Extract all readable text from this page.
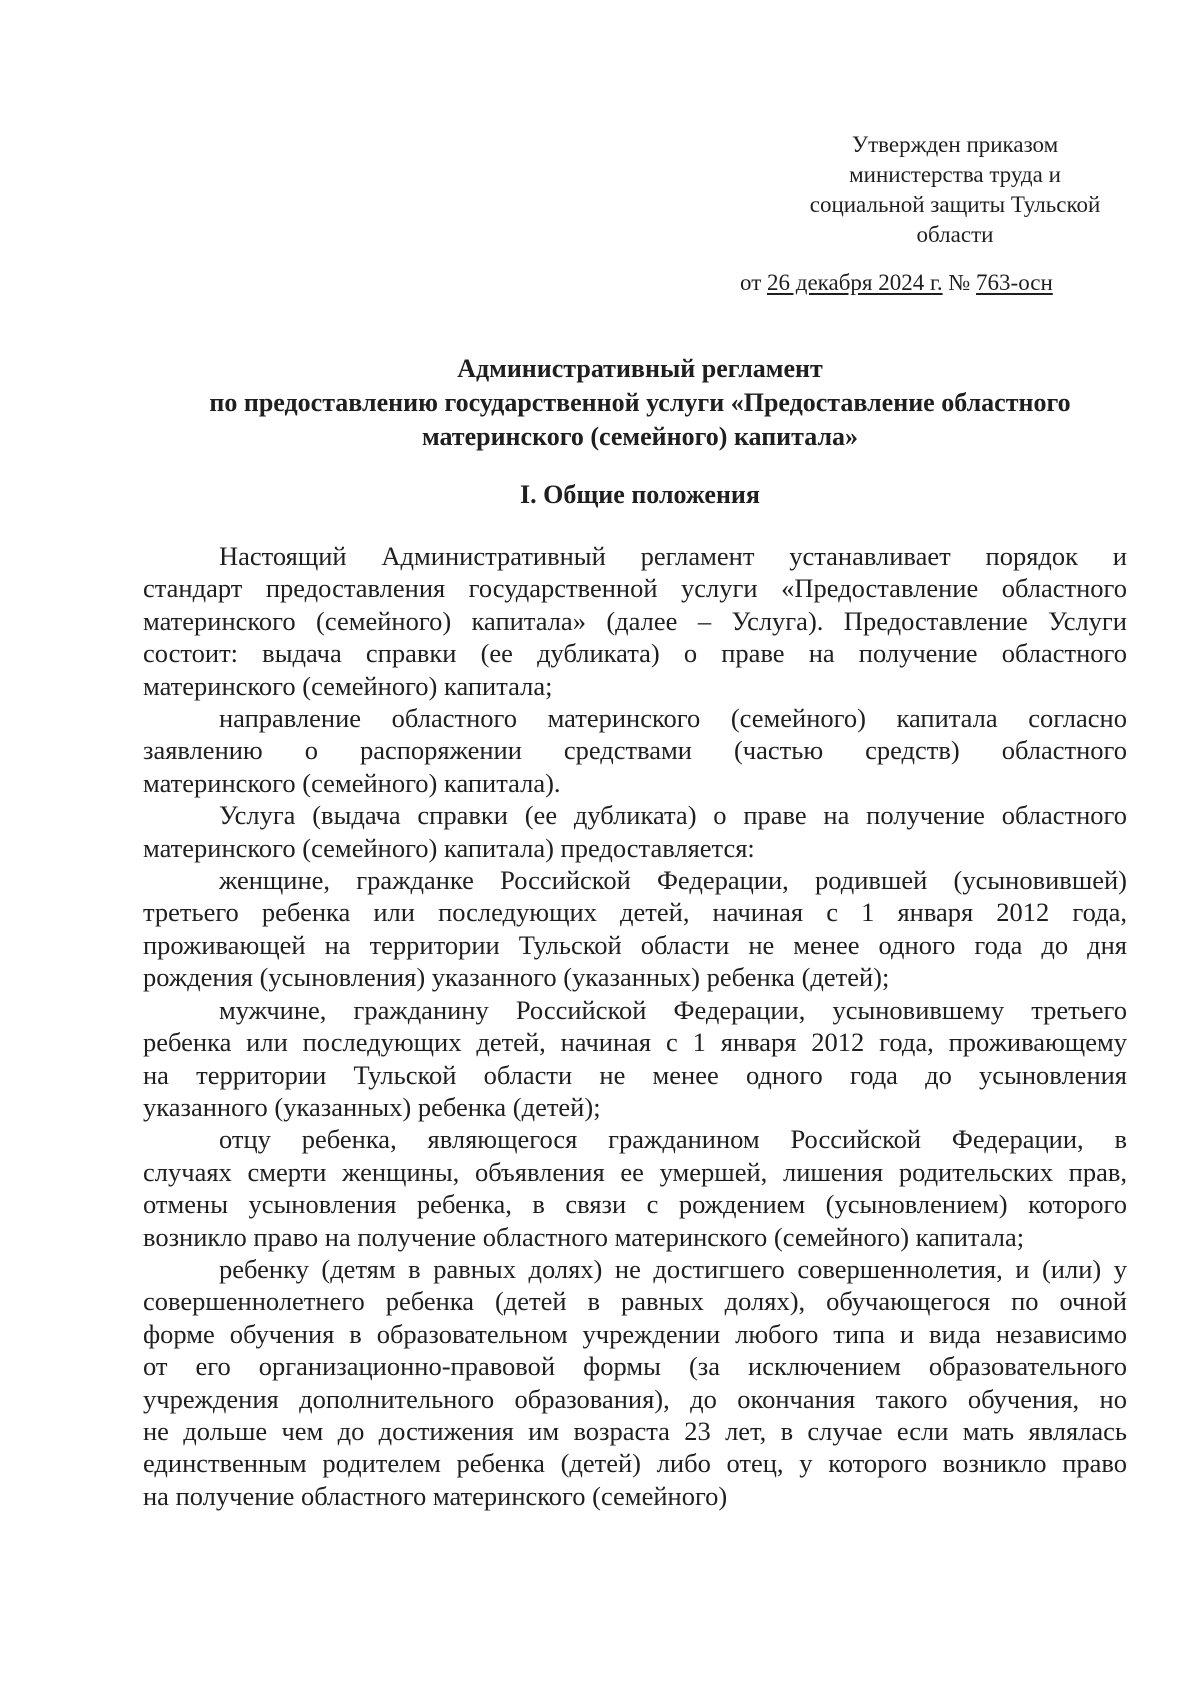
Утвержден приказом
министерства труда и
социальной защиты Тульской
области
от 26 декабря 2024 г. № 763-осн
Административный регламент
по предоставлению государственной услуги «Предоставление областного
материнского (семейного) капитала»
I. Общие положения
Настоящий Административный регламент устанавливает порядок и
стандарт предоставления государственной услуги «Предоставление областного
материнского (семейного) капитала» (далее – Услуга). Предоставление Услуги
состоит: выдача справки (ее дубликата) о праве на получение областного
материнского (семейного) капитала;
направление областного материнского (семейного) капитала согласно
заявлению о распоряжении средствами (частью средств) областного
материнского (семейного) капитала).
Услуга (выдача справки (ее дубликата) о праве на получение областного
материнского (семейного) капитала) предоставляется:
женщине, гражданке Российской Федерации, родившей (усыновившей)
третьего ребенка или последующих детей, начиная с 1 января 2012 года,
проживающей на территории Тульской области не менее одного года до дня
рождения (усыновления) указанного (указанных) ребенка (детей);
мужчине, гражданину Российской Федерации, усыновившему третьего
ребенка или последующих детей, начиная с 1 января 2012 года, проживающему
на территории Тульской области не менее одного года до усыновления
указанного (указанных) ребенка (детей);
отцу ребенка, являющегося гражданином Российской Федерации, в
случаях смерти женщины, объявления ее умершей, лишения родительских прав,
отмены усыновления ребенка, в связи с рождением (усыновлением) которого
возникло право на получение областного материнского (семейного) капитала;
ребенку (детям в равных долях) не достигшего совершеннолетия, и (или) у
совершеннолетнего ребенка (детей в равных долях), обучающегося по очной
форме обучения в образовательном учреждении любого типа и вида независимо
от его организационно-правовой формы (за исключением образовательного
учреждения дополнительного образования), до окончания такого обучения, но
не дольше чем до достижения им возраста 23 лет, в случае если мать являлась
единственным родителем ребенка (детей) либо отец, у которого возникло право
на получение областного материнского (семейного)
